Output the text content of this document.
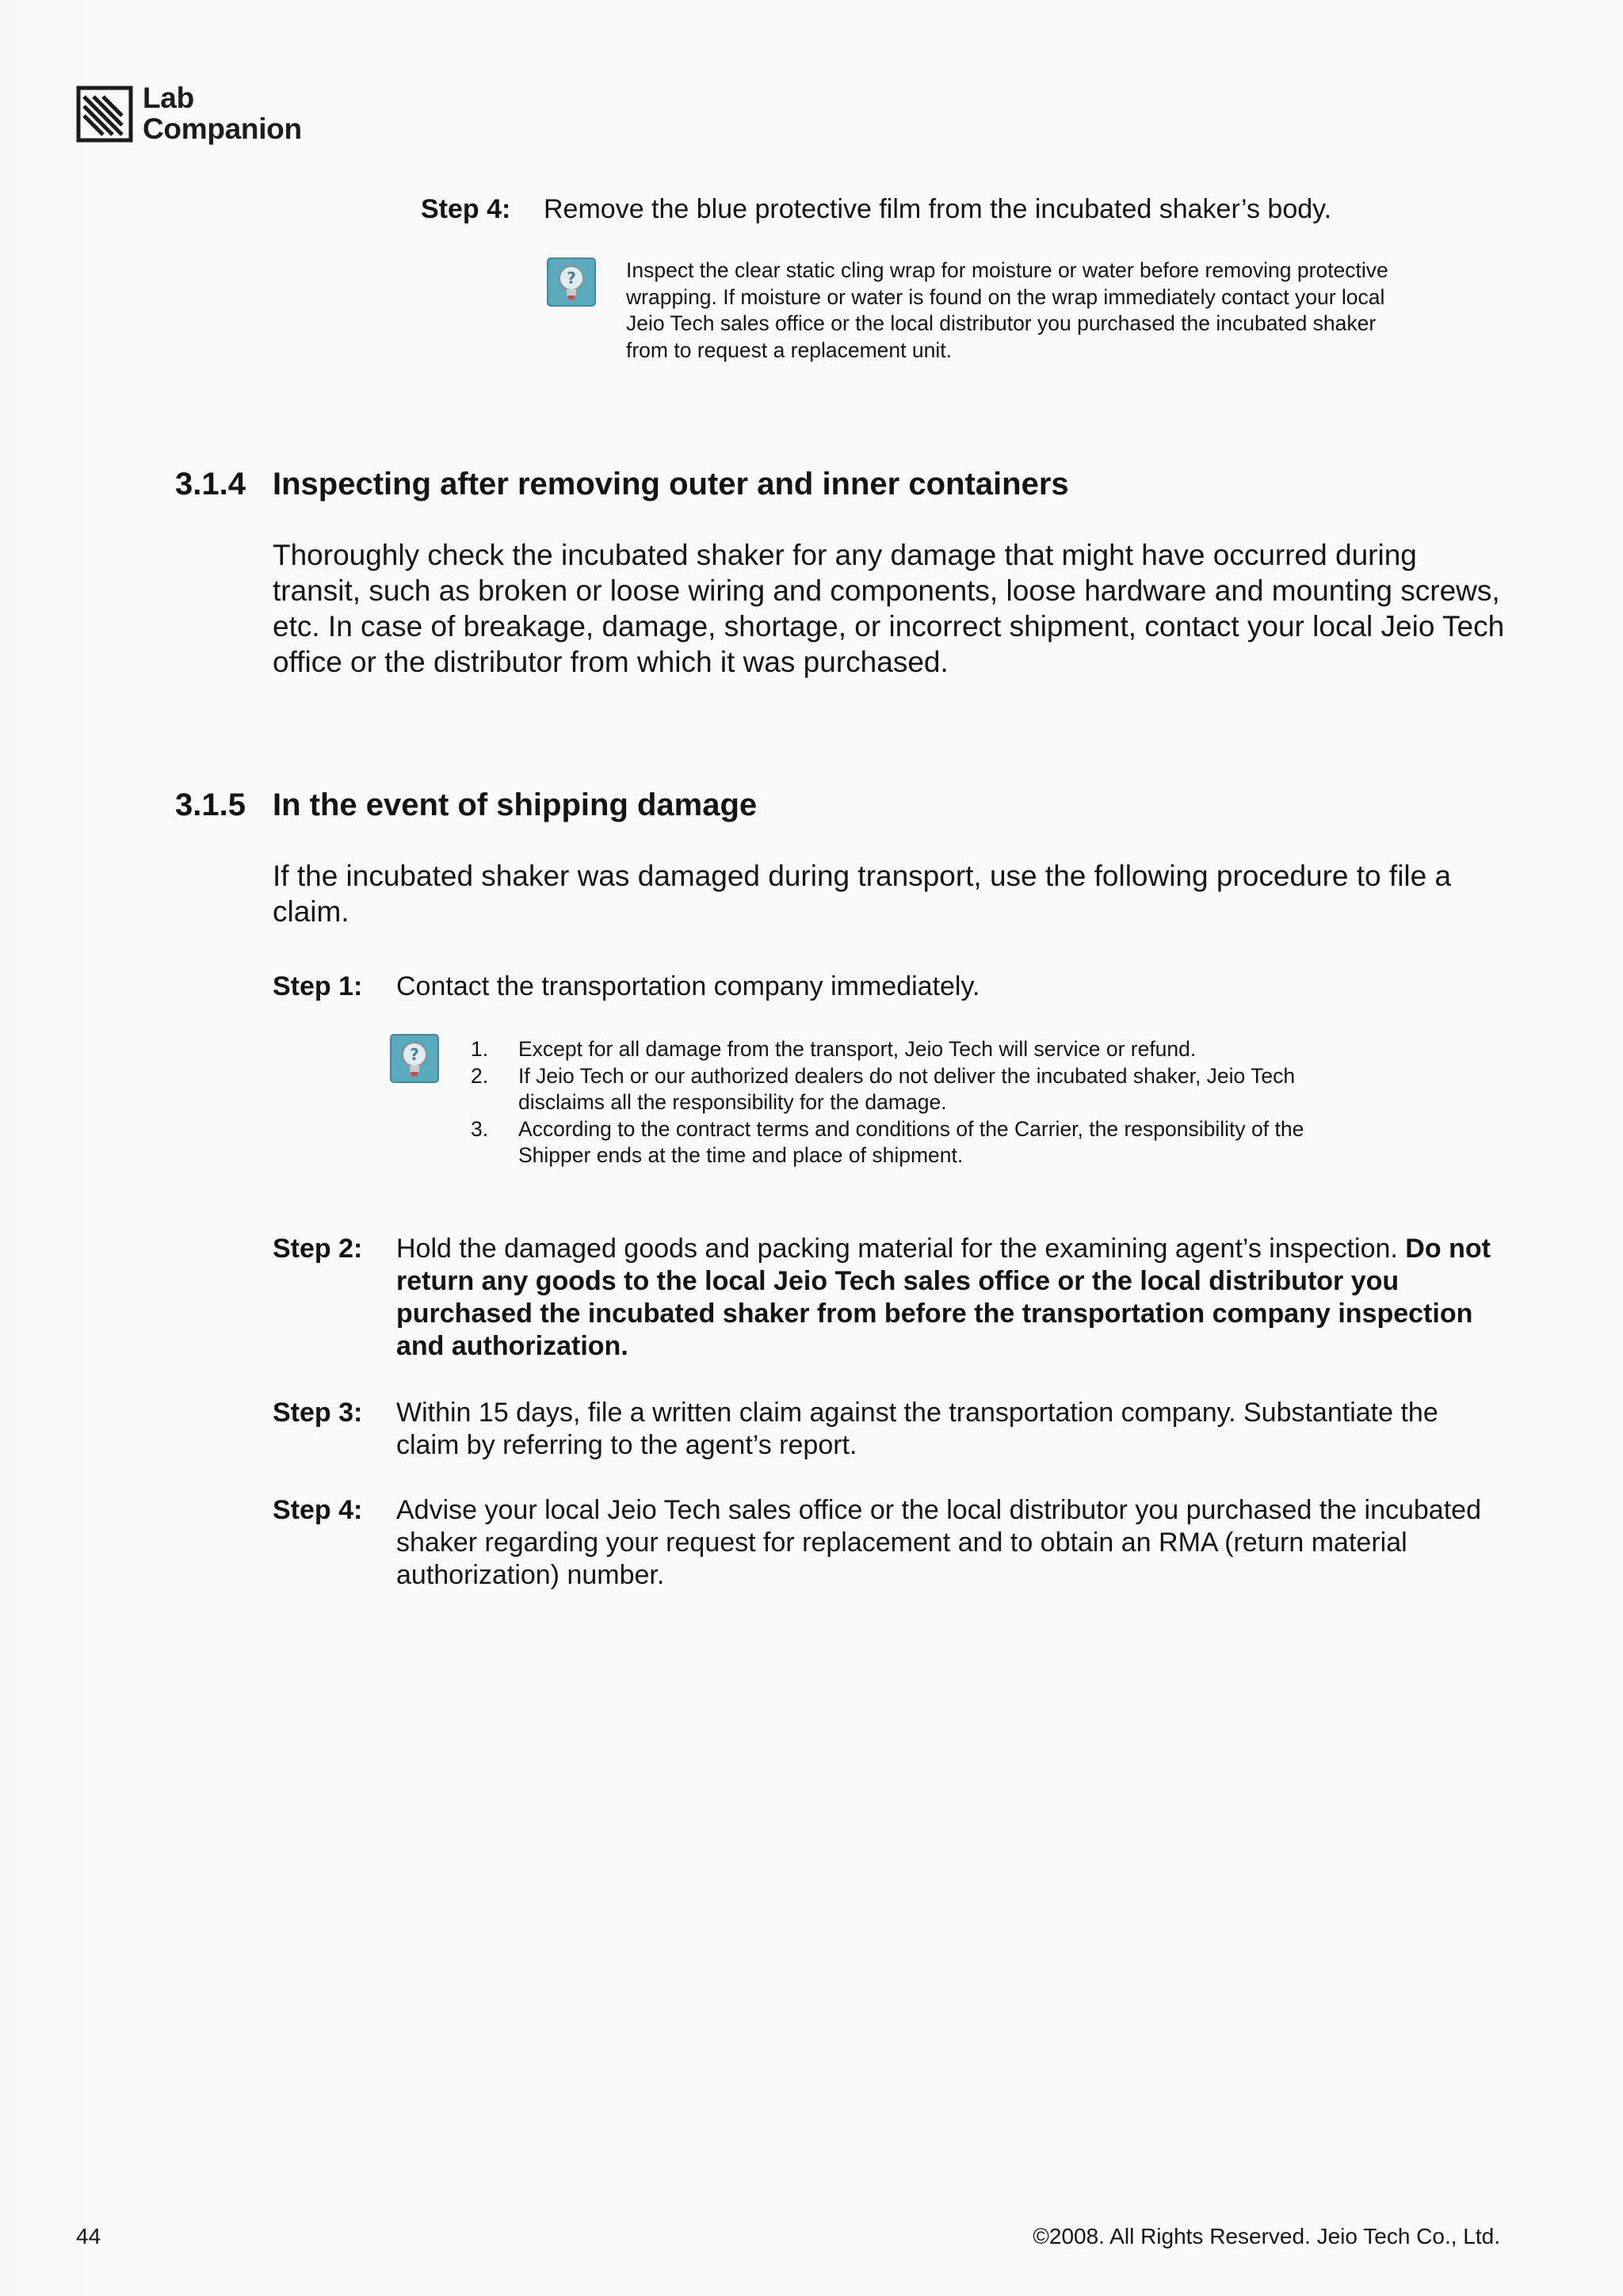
Lab
Companion
Step 4: Remove the blue protective film from the incubated shaker’s body.
? Inspect the clear static cling wrap for moisture or water before removing protective wrapping. If moisture or water is found on the wrap immediately contact your local Jeio Tech sales office or the local distributor you purchased the incubated shaker from to request a replacement unit.
3.1.4 Inspecting after removing outer and inner containers
Thoroughly check the incubated shaker for any damage that might have occurred during transit, such as broken or loose wiring and components, loose hardware and mounting screws, etc. In case of breakage, damage, shortage, or incorrect shipment, contact your local Jeio Tech office or the distributor from which it was purchased.
3.1.5 In the event of shipping damage
If the incubated shaker was damaged during transport, use the following procedure to file a claim.
Step 1: Contact the transportation company immediately.
? 1. Except for all damage from the transport, Jeio Tech will service or refund.
2. If Jeio Tech or our authorized dealers do not deliver the incubated shaker, Jeio Tech disclaims all the responsibility for the damage.
3. According to the contract terms and conditions of the Carrier, the responsibility of the Shipper ends at the time and place of shipment.
Step 2: Hold the damaged goods and packing material for the examining agent’s inspection. Do not return any goods to the local Jeio Tech sales office or the local distributor you purchased the incubated shaker from before the transportation company inspection and authorization.
Step 3: Within 15 days, file a written claim against the transportation company. Substantiate the claim by referring to the agent’s report.
Step 4: Advise your local Jeio Tech sales office or the local distributor you purchased the incubated shaker regarding your request for replacement and to obtain an RMA (return material authorization) number.
44	©2008. All Rights Reserved. Jeio Tech Co., Ltd.
